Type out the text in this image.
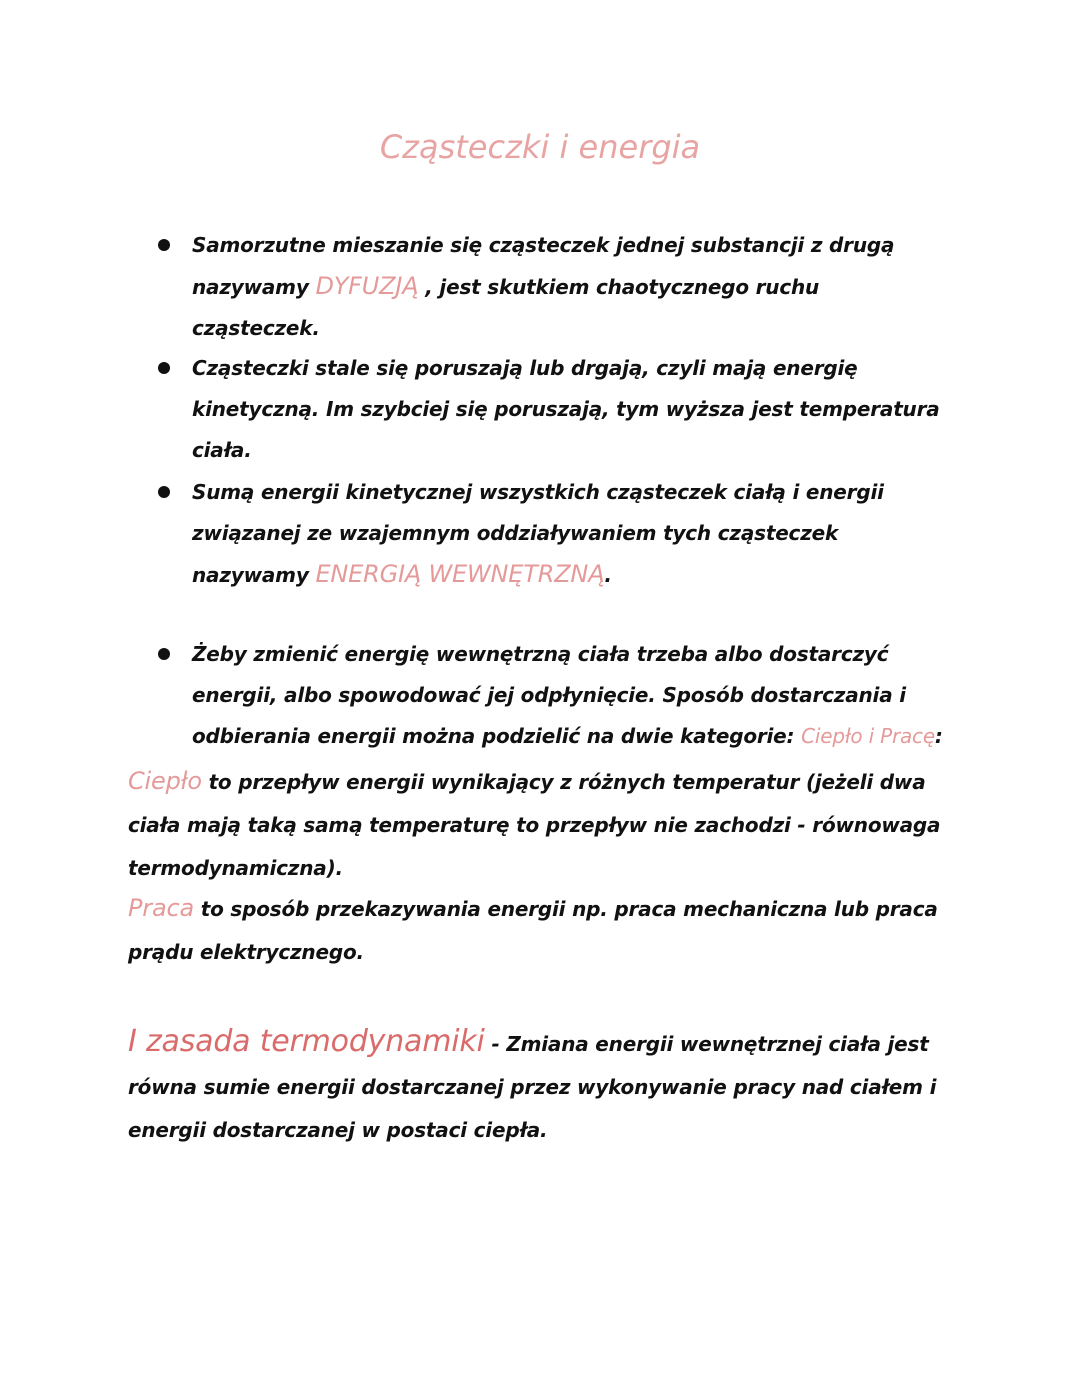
Cząsteczki i energia
Samorzutne mieszanie się cząsteczek jednej substancji z drugą nazywamy DYFUZJĄ , jest skutkiem chaotycznego ruchu cząsteczek.
Cząsteczki stale się poruszają lub drgają, czyli mają energię kinetyczną. Im szybciej się poruszają, tym wyższa jest temperatura ciała.
Sumą energii kinetycznej wszystkich cząsteczek ciałą i energii związanej ze wzajemnym oddziaływaniem tych cząsteczek nazywamy ENERGIĄ WEWNĘTRZNĄ.
Żeby zmienić energię wewnętrzną ciała trzeba albo dostarczyć energii, albo spowodować jej odpłynięcie. Sposób dostarczania i odbierania energii można podzielić na dwie kategorie: Ciepło i Pracę:
Ciepło to przepływ energii wynikający z różnych temperatur (jeżeli dwa ciała mają taką samą temperaturę to przepływ nie zachodzi - równowaga termodynamiczna).
Praca to sposób przekazywania energii np. praca mechaniczna lub praca prądu elektrycznego.
I zasada termodynamiki - Zmiana energii wewnętrznej ciała jest równa sumie energii dostarczanej przez wykonywanie pracy nad ciałem i energii dostarczanej w postaci ciepła.
